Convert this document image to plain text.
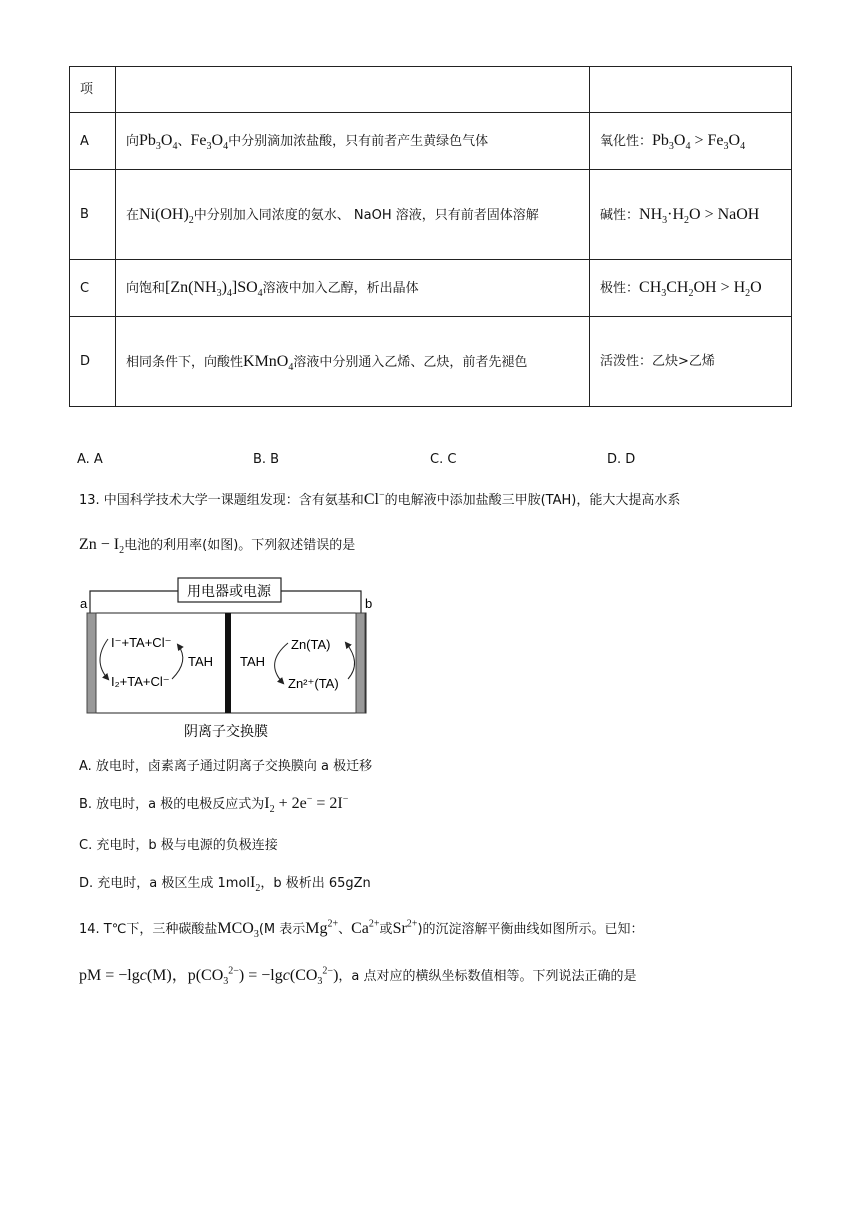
项		
A	向$Pb_3O_4$、$Fe_3O_4$中分别滴加浓盐酸，只有前者产生黄绿色气体	氧化性：$Pb_3O_4 > Fe_3O_4$
B	在$Ni(OH)_2$中分别加入同浓度的氨水、 NaOH 溶液，只有前者固体溶解	碱性：$NH_3\cdot H_2O$ > NaOH
C	向饱和$[Zn(NH_3)_4]SO_4$溶液中加入乙醇，析出晶体	极性：$CH_3CH_2OH > H_2O$
D	相同条件下，向酸性KMnO$_4$溶液中分别通入乙烯、乙炔，前者先褪色	活泼性：乙炔>乙烯
A. A	B. B	C. C	D. D
13. 中国科学技术大学一课题组发现：含有氨基和Cl−的电解液中添加盐酸三甲胺(TAH)，能大大提高水系
$Zn - I_2$电池的利用率(如图)。下列叙述错误的是
用电器或电源
a	b
I⁻+TA+Cl⁻
I₂+TA+Cl⁻
TAH TAH
Zn(TA)
Zn²⁺(TA)
阴离子交换膜
A. 放电时，卤素离子通过阴离子交换膜向 a 极迁移
B. 放电时，a 极的电极反应式为$I_2 + 2e^- = 2I^-$
C. 充电时，b 极与电源的负极连接
D. 充电时，a 极区生成 1molI$_2$，b 极析出 65gZn
14. T℃下，三种碳酸盐$MCO_3(M$ 表示$Mg^{2+}$、$Ca^{2+}$或$Sr^{2+}$)的沉淀溶解平衡曲线如图所示。已知：
pM = −lgc(M)，$p(CO_3^{2-}) = -\lg c(CO_3^{2-})$，a 点对应的横纵坐标数值相等。下列说法正确的是
